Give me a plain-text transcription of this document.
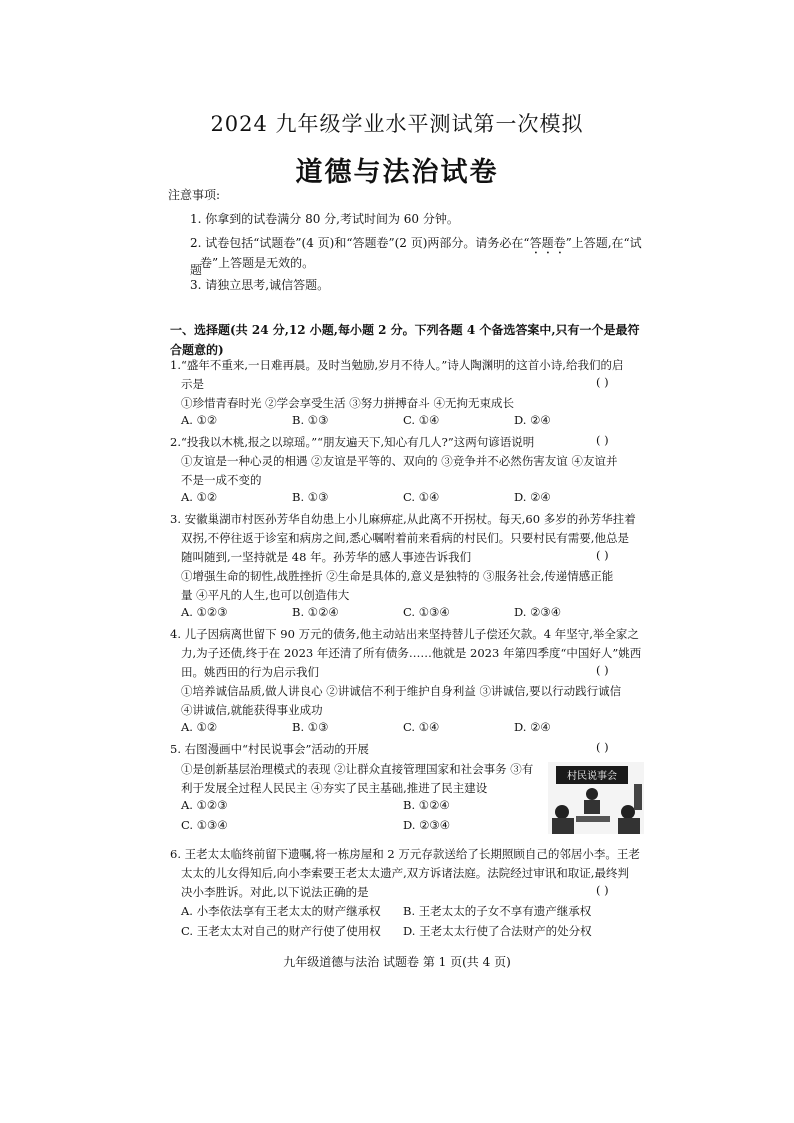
2024 九年级学业水平测试第一次模拟
道德与法治试卷
注意事项:
1. 你拿到的试卷满分 80 分,考试时间为 60 分钟。
2. 试卷包括“试题卷”(4 页)和“答题卷”(2 页)两部分。请务必在“答题卷”上答题,在“试题
卷”上答题是无效的。
3. 请独立思考,诚信答题。
一、选择题(共 24 分,12 小题,每小题 2 分。下列各题 4 个备选答案中,只有一个是最符合题意的)
1.“盛年不重来,一日难再晨。及时当勉励,岁月不待人。”诗人陶渊明的这首小诗,给我们的启
示是	( )
①珍惜青春时光 ②学会享受生活 ③努力拼搏奋斗 ④无拘无束成长
A. ①②	B. ①③	C. ①④	D. ②④
2.“投我以木桃,报之以琼瑶。”“朋友遍天下,知心有几人?”这两句谚语说明	( )
①友谊是一种心灵的相遇 ②友谊是平等的、双向的 ③竞争并不必然伤害友谊 ④友谊并
不是一成不变的
A. ①②	B. ①③	C. ①④	D. ②④
3. 安徽巢湖市村医孙芳华自幼患上小儿麻痹症,从此离不开拐杖。每天,60 多岁的孙芳华拄着
双拐,不停往返于诊室和病房之间,悉心嘱咐着前来看病的村民们。只要村民有需要,他总是
随叫随到,一坚持就是 48 年。孙芳华的感人事迹告诉我们	( )
①增强生命的韧性,战胜挫折 ②生命是具体的,意义是独特的 ③服务社会,传递情感正能
量 ④平凡的人生,也可以创造伟大
A. ①②③	B. ①②④	C. ①③④	D. ②③④
4. 儿子因病离世留下 90 万元的债务,他主动站出来坚持替儿子偿还欠款。4 年坚守,举全家之
力,为子还债,终于在 2023 年还清了所有债务……他就是 2023 年第四季度“中国好人”姚西
田。姚西田的行为启示我们	( )
①培养诚信品质,做人讲良心 ②讲诚信不利于维护自身利益 ③讲诚信,要以行动践行诚信
④讲诚信,就能获得事业成功
A. ①②	B. ①③	C. ①④	D. ②④
5. 右图漫画中“村民说事会”活动的开展	( )
①是创新基层治理模式的表现 ②让群众直接管理国家和社会事务 ③有
利于发展全过程人民民主 ④夯实了民主基础,推进了民主建设
A. ①②③	B. ①②④
C. ①③④	D. ②③④
村民说事会
6. 王老太太临终前留下遗嘱,将一栋房屋和 2 万元存款送给了长期照顾自己的邻居小李。王老
太太的儿女得知后,向小李索要王老太太遗产,双方诉诸法庭。法院经过审讯和取证,最终判
决小李胜诉。对此,以下说法正确的是	( )
A. 小李依法享有王老太太的财产继承权 B. 王老太太的子女不享有遗产继承权
C. 王老太太对自己的财产行使了使用权 D. 王老太太行使了合法财产的处分权
九年级道德与法治 试题卷 第 1 页(共 4 页)
